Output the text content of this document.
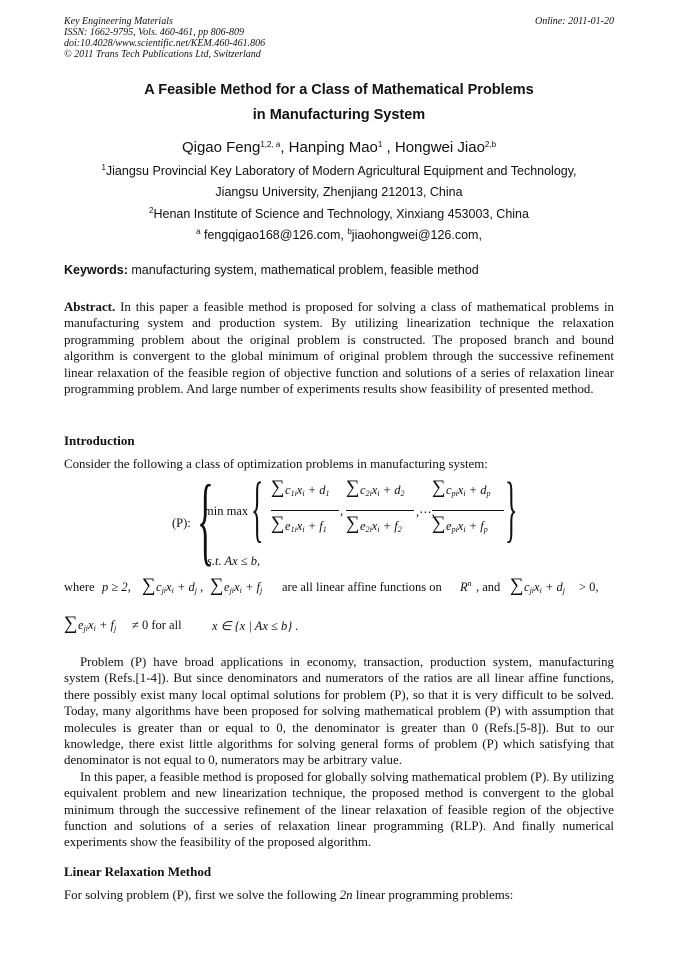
Key Engineering Materials
ISSN: 1662-9795, Vols. 460-461, pp 806-809
doi:10.4028/www.scientific.net/KEM.460-461.806
© 2011 Trans Tech Publications Ltd, Switzerland
Online: 2011-01-20
A Feasible Method for a Class of Mathematical Problems
in Manufacturing System
Qigao Feng$^{1,2, a}$, Hanping Mao$^1$ , Hongwei Jiao$^{2,b}$
$^1$Jiangsu Provincial Key Laboratory of Modern Agricultural Equipment and Technology,
Jiangsu University, Zhenjiang 212013, China
$^2$Henan Institute of Science and Technology, Xinxiang 453003, China
$^a$ fengqigao168@126.com, $^b$jiaohongwei@126.com,
Keywords: manufacturing system, mathematical problem, feasible method
Abstract. In this paper a feasible method is proposed for solving a class of mathematical problems in manufacturing system and production system. By utilizing linearization technique the relaxation programming problem about the original problem is constructed. The proposed branch and bound algorithm is convergent to the global minimum of original problem through the successive refinement linear relaxation of the feasible region of objective function and solutions of a series of relaxation linear programming problem. And large number of experiments results show feasibility of presented method.
Introduction
Consider the following a class of optimization problems in manufacturing system:
(P): {
min max { ∑ $c_{1i}x_i + d_1$
∑ $e_{1i}x_i + f_1$
,
∑ $c_{2i}x_i + d_2$
∑ $e_{2i}x_i + f_2$
,⋯,
∑ $c_{pi}x_i + d_p$
∑ $e_{pi}x_i + f_p$ }
s.t. Ax ≤ b,
where p ≥ 2, ∑ $c_{ji}x_i + d_j$ , ∑ $e_{ji}x_i + f_j$ are all linear affine functions on $R^n$ , and ∑ $c_{ji}x_i + d_j > 0$,
∑ $e_{ji}x_i + f_j \ne 0$ for all x ∈ {x | Ax ≤ b} .

Problem (P) have broad applications in economy, transaction, production system, manufacturing system (Refs.[1-4]). But since denominators and numerators of the ratios are all linear affine functions, there possibly exist many local optimal solutions for problem (P), so that it is very difficult to be solved. Today, many algorithms have been proposed for solving mathematical problem (P) with assumption that molecules is greater than or equal to 0, the denominator is greater than 0 (Refs.[5-8]). But to our knowledge, there exist little algorithms for solving general forms of problem (P) which satisfying that denominator is not equal to 0, numerators may be arbitrary value.

In this paper, a feasible method is proposed for globally solving mathematical problem (P). By utilizing equivalent problem and new linearization technique, the proposed method is convergent to the global minimum through the successive refinement of the linear relaxation of feasible region of the objective function and solutions of a series of relaxation linear programming (RLP). And finally numerical experiments show the feasibility of the proposed algorithm.

Linear Relaxation Method
For solving problem (P), first we solve the following 2n linear programming problems:
